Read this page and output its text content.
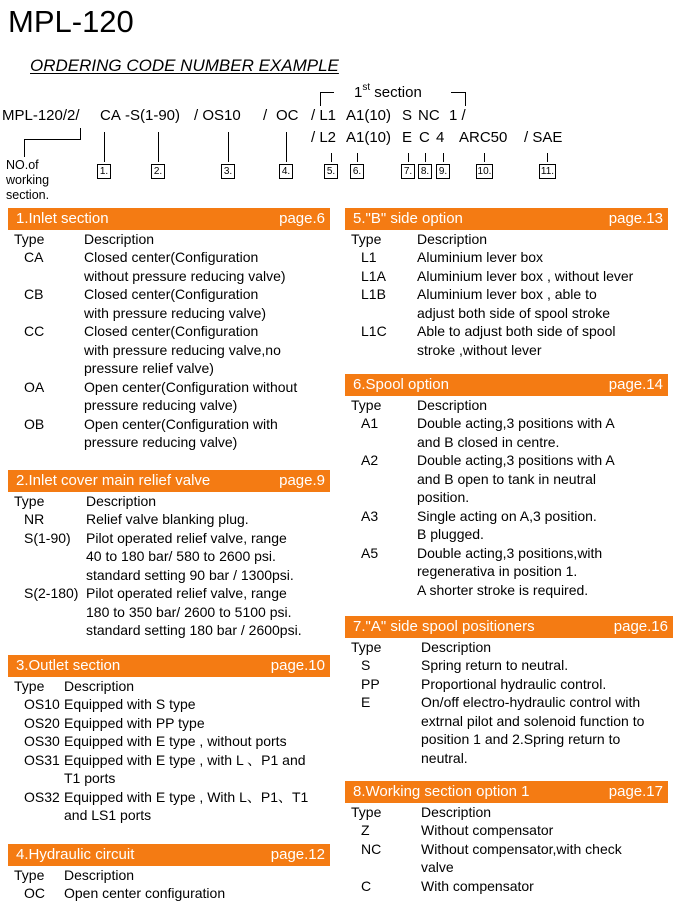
MPL-120
ORDERING CODE NUMBER EXAMPLE
1st section
MPL-120/2/ CA -S(1-90) / OS10 / OC / L1 A1(10) S NC 1 /
/ L2 A1(10) E C 4 ARC50 / SAE
NO.of working section.
1.	2.	3.	4.	5. 6.	7. 8. 9.	10.	11.
1.Inlet section	page.6
Type	Description
CA	Closed center(Configuration
without pressure reducing valve)
CB	Closed center(Configuration
with pressure reducing valve)
CC	Closed center(Configuration
with pressure reducing valve,no
pressure relief valve)
OA	Open center(Configuration without
pressure reducing valve)
OB	Open center(Configuration with
pressure reducing valve)
2.Inlet cover main relief valve	page.9
Type	Description
NR	Relief valve blanking plug.
S(1-90)	Pilot operated relief valve, range
40 to 180 bar/ 580 to 2600 psi.
standard setting 90 bar / 1300psi.
S(2-180) Pilot operated relief valve, range
180 to 350 bar/ 2600 to 5100 psi.
standard setting 180 bar / 2600psi.
3.Outlet section	page.10
Type	Description
OS10 Equipped with S type
OS20 Equipped with PP type
OS30 Equipped with E type , without ports
OS31 Equipped with E type , with L 、P1 and
T1 ports
OS32 Equipped with E type , With L、P1、T1
and LS1 ports
4.Hydraulic circuit	page.12
Type	Description
OC	Open center configuration
5."B" side option	page.13
Type	Description
L1	Aluminium lever box
L1A	Aluminium lever box , without lever
L1B	Aluminium lever box , able to
adjust both side of spool stroke
L1C	Able to adjust both side of spool
stroke ,without lever
6.Spool option	page.14
Type	Description
A1	Double acting,3 positions with A
and B closed in centre.
A2	Double acting,3 positions with A
and B open to tank in neutral
position.
A3	Single acting on A,3 position.
B plugged.
A5	Double acting,3 positions,with
regenerativa in position 1.
A shorter stroke is required.
7."A" side spool positioners	page.16
Type	Description
S	Spring return to neutral.
PP	Proportional hydraulic control.
E	On/off electro-hydraulic control with
extrnal pilot and solenoid function to
position 1 and 2.Spring return to
neutral.
8.Working section option 1	page.17
Type	Description
Z	Without compensator
NC	Without compensator,with check
valve
C	With compensator
